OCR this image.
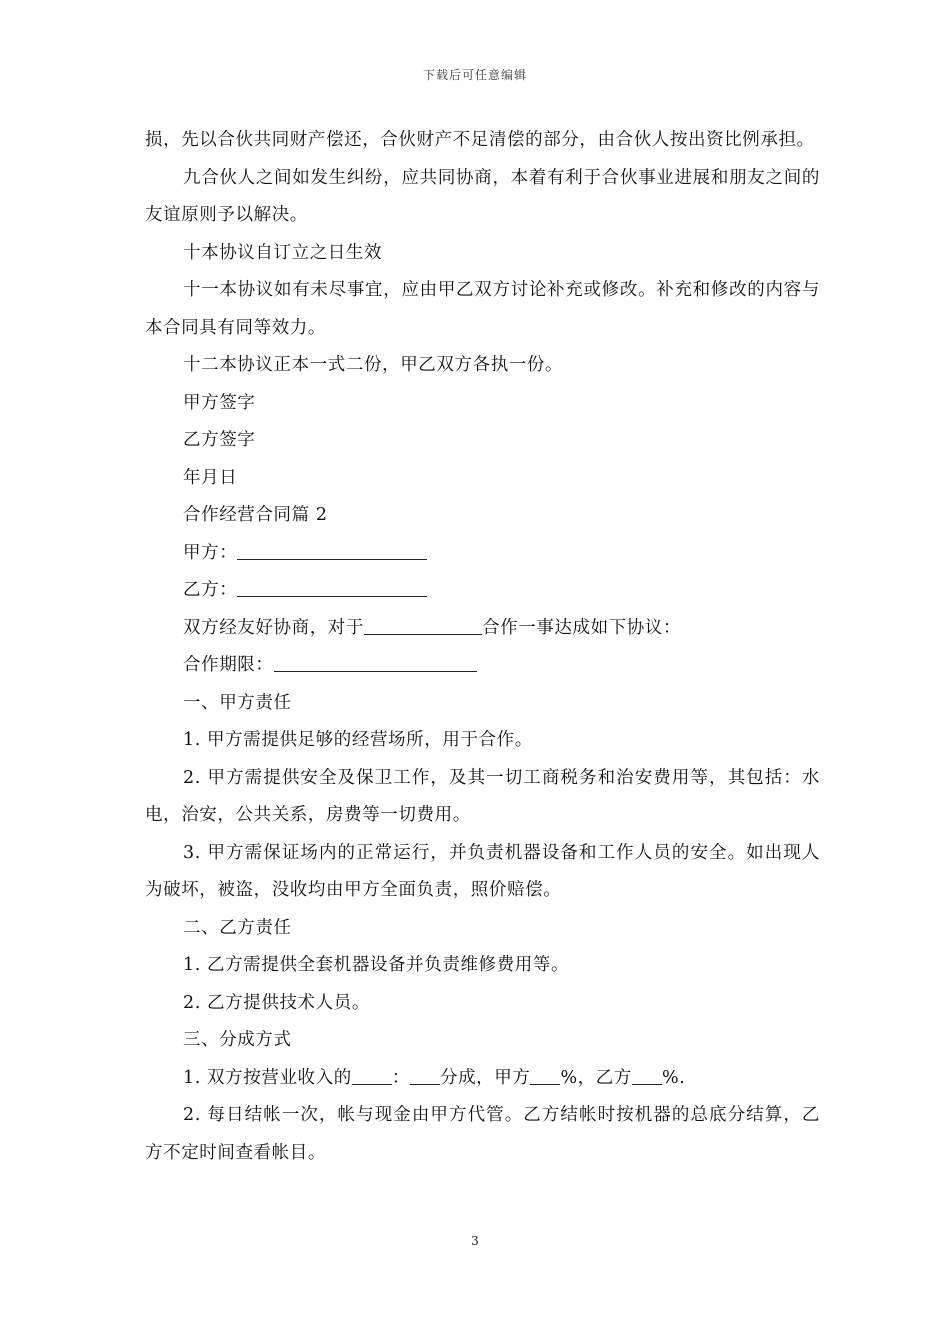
下载后可任意编辑

损，先以合伙共同财产偿还，合伙财产不足清偿的部分，由合伙人按出资比例承担。

九合伙人之间如发生纠纷，应共同协商，本着有利于合伙事业进展和朋友之间的友谊原则予以解决。

十本协议自订立之日生效

十一本协议如有未尽事宜，应由甲乙双方讨论补充或修改。补充和修改的内容与本合同具有同等效力。

十二本协议正本一式二份，甲乙双方各执一份。

甲方签字

乙方签字

年月日

合作经营合同篇 2

甲方：

乙方：

双方经友好协商，对于	合作一事达成如下协议：

合作期限：

一、甲方责任

1. 甲方需提供足够的经营场所，用于合作。

2. 甲方需提供安全及保卫工作，及其一切工商税务和治安费用等，其包括：水电，治安，公共关系，房费等一切费用。

3. 甲方需保证场内的正常运行，并负责机器设备和工作人员的安全。如出现人为破坏，被盗，没收均由甲方全面负责，照价赔偿。

二、乙方责任

1. 乙方需提供全套机器设备并负责维修费用等。

2. 乙方提供技术人员。

三、分成方式

1. 双方按营业收入的 ： 分成，甲方 %，乙方 %.

2. 每日结帐一次，帐与现金由甲方代管。乙方结帐时按机器的总底分结算，乙方不定时间查看帐目。

3
